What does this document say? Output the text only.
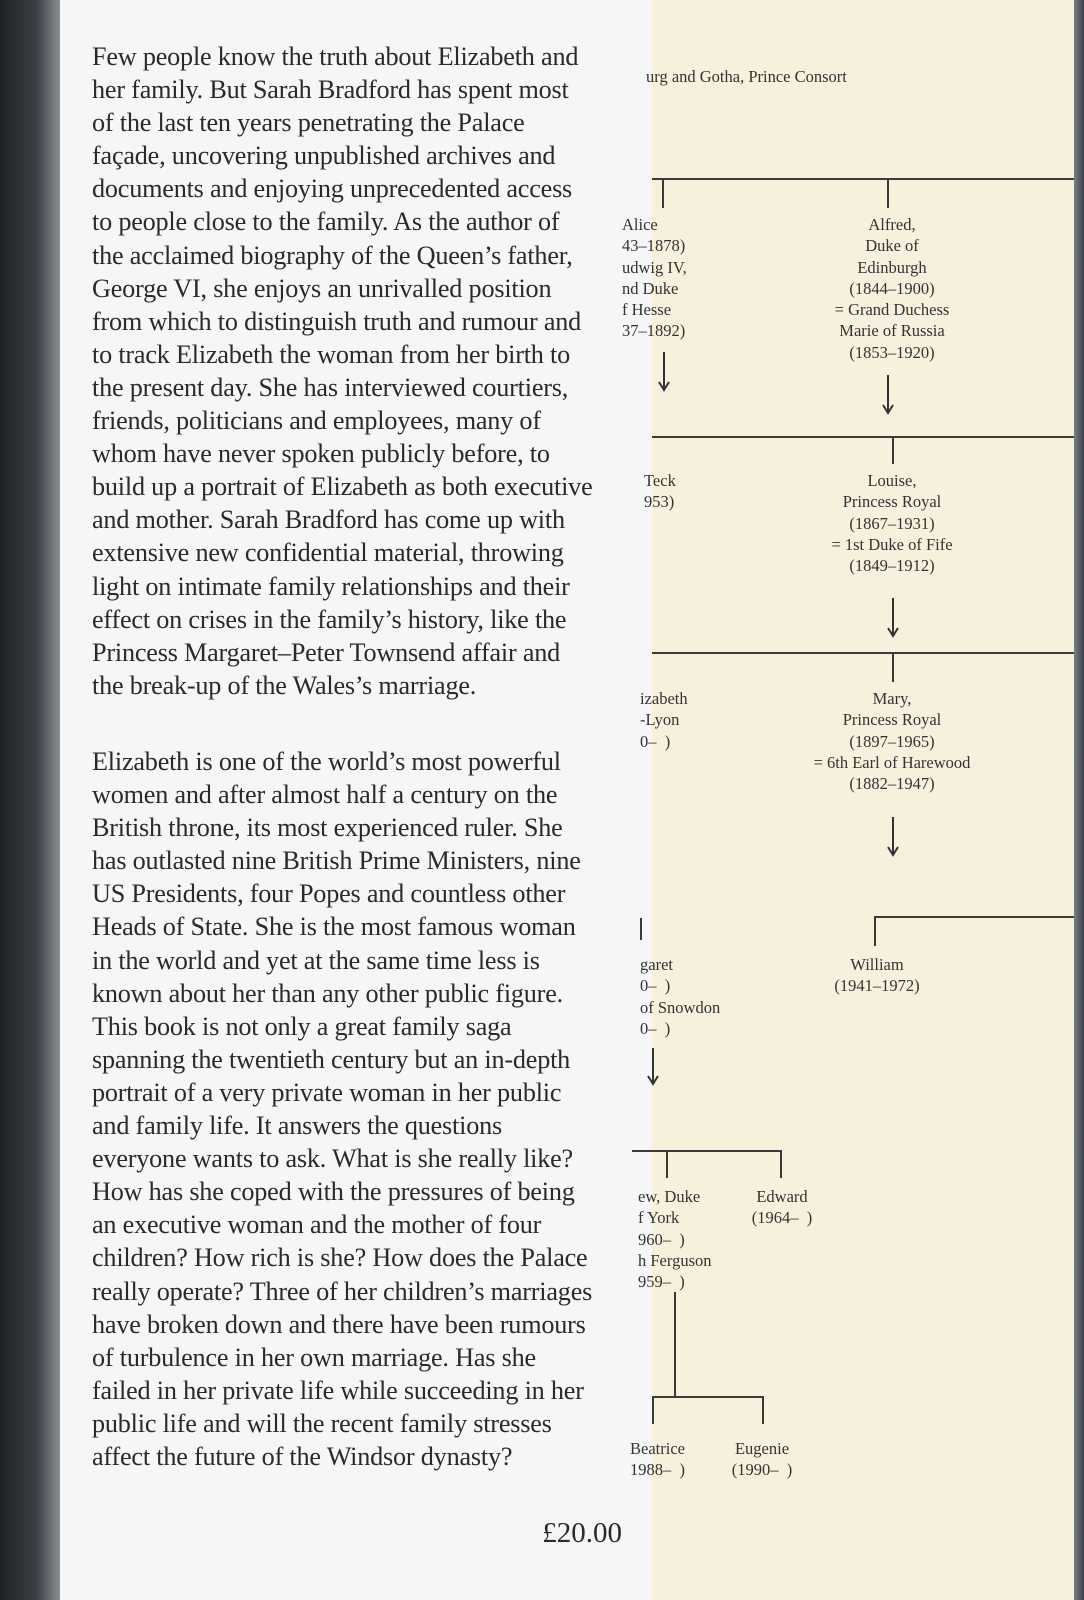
Few people know the truth about Elizabeth and
her family. But Sarah Bradford has spent most
of the last ten years penetrating the Palace
façade, uncovering unpublished archives and
documents and enjoying unprecedented access
to people close to the family. As the author of
the acclaimed biography of the Queen’s father,
George VI, she enjoys an unrivalled position
from which to distinguish truth and rumour and
to track Elizabeth the woman from her birth to
the present day. She has interviewed courtiers,
friends, politicians and employees, many of
whom have never spoken publicly before, to
build up a portrait of Elizabeth as both executive
and mother. Sarah Bradford has come up with
extensive new confidential material, throwing
light on intimate family relationships and their
effect on crises in the family’s history, like the
Princess Margaret–Peter Townsend affair and
the break-up of the Wales’s marriage.

Elizabeth is one of the world’s most powerful
women and after almost half a century on the
British throne, its most experienced ruler. She
has outlasted nine British Prime Ministers, nine
US Presidents, four Popes and countless other
Heads of State. She is the most famous woman
in the world and yet at the same time less is
known about her than any other public figure.
This book is not only a great family saga
spanning the twentieth century but an in-depth
portrait of a very private woman in her public
and family life. It answers the questions
everyone wants to ask. What is she really like?
How has she coped with the pressures of being
an executive woman and the mother of four
children? How rich is she? How does the Palace
really operate? Three of her children’s marriages
have broken down and there have been rumours
of turbulence in her own marriage. Has she
failed in her private life while succeeding in her
public life and will the recent family stresses
affect the future of the Windsor dynasty?

£20.00
urg and Gotha, Prince Consort
Alice
43–1878)
udwig IV,
nd Duke
f Hesse
37–1892)
Alfred,
Duke of
Edinburgh
(1844–1900)
= Grand Duchess
Marie of Russia
(1853–1920)
Teck
953)
Louise,
Princess Royal
(1867–1931)
= 1st Duke of Fife
(1849–1912)
izabeth
-Lyon
0–  )
Mary,
Princess Royal
(1897–1965)
= 6th Earl of Harewood
(1882–1947)
garet
0–  )
of Snowdon
0–  )
William
(1941–1972)
ew, Duke
f York
960–  )
h Ferguson
959–  )
Edward
(1964–  )
Beatrice
1988–  )
Eugenie
(1990–  )
